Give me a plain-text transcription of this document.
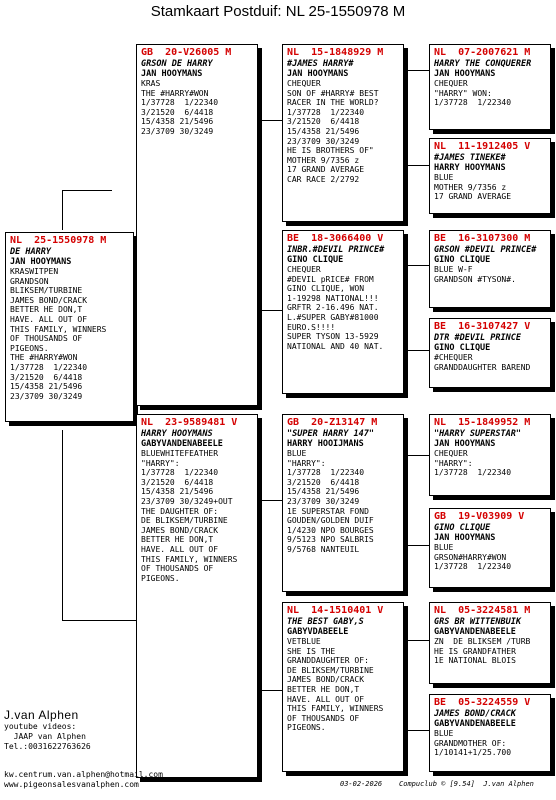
Stamkaart Postduif: NL 25-1550978 M
NL  25-1550978 M
DE HARRY
JAN HOOYMANS
KRASWITPEN
GRANDSON
BLIKSEM/TURBINE
JAMES BOND/CRACK
BETTER HE DON,T
HAVE. ALL OUT OF
THIS FAMILY, WINNERS
OF THOUSANDS OF
PIGEONS.
THE #HARRY#WON
1/37728  1/22340
3/21520  6/4418
15/4358 21/5496
23/3709 30/3249
GB  20-V26005 M
GRSON DE HARRY
JAN HOOYMANS
KRAS
THE #HARRY#WON
1/37728  1/22340
3/21520  6/4418
15/4358 21/5496
23/3709 30/3249
NL  23-9589481 V
HARRY HOOYMANS
GABYVANDENABEELE
BLUEWHITEFEATHER
"HARRY":
1/37728  1/22340
3/21520  6/4418
15/4358 21/5496
23/3709 30/3249+OUT
THE DAUGHTER OF:
DE BLIKSEM/TURBINE
JAMES BOND/CRACK
BETTER HE DON,T
HAVE. ALL OUT OF
THIS FAMILY, WINNERS
OF THOUSANDS OF
PIGEONS.
NL  15-1848929 M
#JAMES HARRY#
JAN HOOYMANS
CHEQUER
SON OF #HARRY# BEST
RACER IN THE WORLD?
1/37728  1/22340
3/21520  6/4418
15/4358 21/5496
23/3709 30/3249
HE IS BROTHERS OF"
MOTHER 9/7356 z
17 GRAND AVERAGE
CAR RACE 2/2792
BE  18-3066400 V
INBR.#DEVIL PRINCE#
GINO CLIQUE
CHEQUER
#DEVIL pRICE# FROM
GINO CLIQUE, WON
1-19298 NATIONAL!!!
GRFTR 2-16.496 NAT.
L.#SUPER GABY#81000
EURO.S!!!!
SUPER TYSON 13-5929
NATIONAL AND 40 NAT.
GB  20-Z13147 M
"SUPER HARRY 147"
HARRY HOOIJMANS
BLUE
"HARRY":
1/37728  1/22340
3/21520  6/4418
15/4358 21/5496
23/3709 30/3249
1E SUPERSTAR FOND
GOUDEN/GOLDEN DUIF
1/4230 NPO BOURGES
9/5123 NPO SALBRIS
9/5768 NANTEUIL
NL  14-1510401 V
THE BEST GABY,S
GABYVDABEELE
VETBLUE
SHE IS THE
GRANDDAUGHTER OF:
DE BLIKSEM/TURBINE
JAMES BOND/CRACK
BETTER HE DON,T
HAVE. ALL OUT OF
THIS FAMILY, WINNERS
OF THOUSANDS OF
PIGEONS.
NL  07-2007621 M
HARRY THE CONQUERER
JAN HOOYMANS
CHEQUER
"HARRY" WON:
1/37728  1/22340
NL  11-1912405 V
#JAMES TINEKE#
HARRY HOOYMANS
BLUE
MOTHER 9/7356 z
17 GRAND AVERAGE
BE  16-3107300 M
GRSON #DEVIL PRINCE#
GINO CLIQUE
BLUE W-F
GRANDSON #TYSON#.
BE  16-3107427 V
DTR #DEVIL PRINCE
GINO CLIQUE
#CHEQUER
GRANDDAUGHTER BAREND
NL  15-1849952 M
"HARRY SUPERSTAR"
JAN HOOYMANS
CHEQUER
"HARRY":
1/37728  1/22340
GB  19-V03909 V
GINO CLIQUE
JAN HOOYMANS
BLUE
GRSON#HARRY#WON
1/37728  1/22340
NL  05-3224581 M
GRS BR WITTENBUIK
GABYVANDENABEELE
ZN  DE BLIKSEM /TURB
HE IS GRANDFATHER
1E NATIONAL BLOIS
BE  05-3224559 V
JAMES BOND/CRACK
GABYVANDENABEELE
BLUE
GRANDMOTHER OF:
1/10141+1/25.700
J.van Alphen
youtube videos:
JAAP van Alphen
Tel.:0031622763626
kw.centrum.van.alphen@hotmail.com
www.pigeonsalesvanalphen.com	03-02-2026 Compuclub © [9.54] J.van Alphen
